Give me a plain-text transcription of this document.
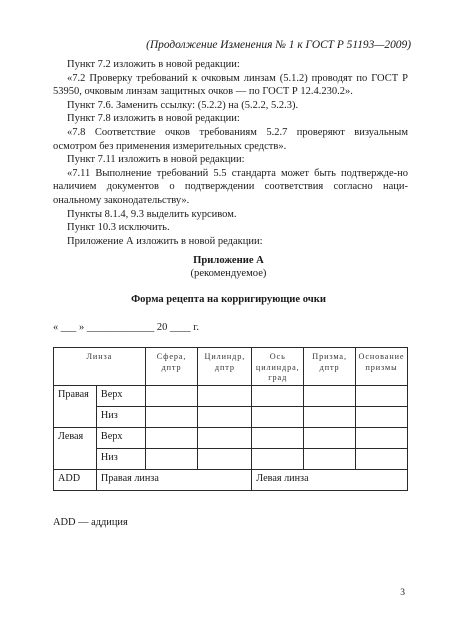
(Продолжение Изменения № 1 к ГОСТ Р 51193—2009)

Пункт 7.2 изложить в новой редакции:

«7.2 Проверку требований к очковым линзам (5.1.2) проводят по ГОСТ Р 53950, очковым линзам защитных очков — по ГОСТ Р 12.4.230.2».

Пункт 7.6. Заменить ссылку: (5.2.2) на (5.2.2, 5.2.3).

Пункт 7.8 изложить в новой редакции:

«7.8 Соответствие очков требованиям 5.2.7 проверяют визуальным осмотром без применения измерительных средств».

Пункт 7.11 изложить в новой редакции:

«7.11 Выполнение требований 5.5 стандарта может быть подтвержде-но наличием документов о подтверждении соответствия согласно наци-ональному законодательству».

Пункты 8.1.4, 9.3 выделить курсивом.

Пункт 10.3 исключить.

Приложение А изложить в новой редакции:

Приложение А
(рекомендуемое)
Форма рецепта на корригирующие очки
« ___ » _____________ 20 ____ г.
Линза		Сфера, дптр	Цилиндр, дптр	Ось цилиндра, град	Призма, дптр	Основание призмы
Правая	Верх					
	Низ					
Левая	Верх					
	Низ					
ADD	Правая линза			Левая линза		
ADD — аддиция
3
